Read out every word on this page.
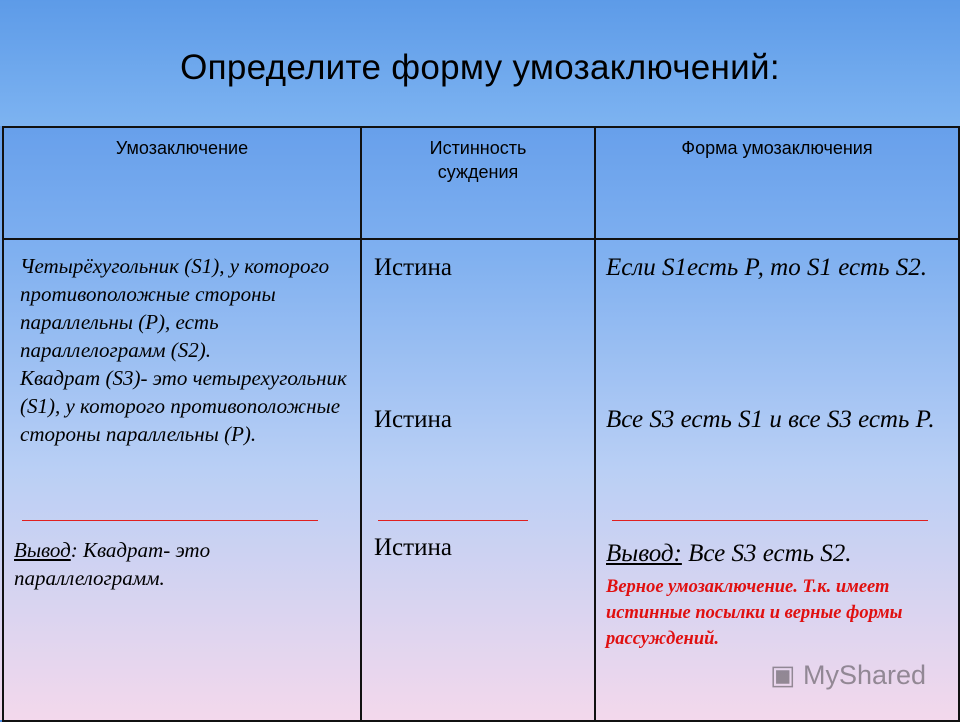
Определите форму умозаключений:
Умозаключение	Истинность суждения
Форма умозаключения

Четырёхугольник (S1), у которого противоположные стороны параллельны (Р), есть параллелограмм (S2).

Квадрат (S3)- это четырехугольник (S1), у которого противоположные стороны параллельны (Р).

Вывод: Квадрат- это параллелограмм.
Истина
Истина
Истина
Если S1есть Р, то S1 есть S2.
Все S3 есть S1 и все S3 есть Р.
Вывод: Все S3 есть S2.
Верное умозаключение. Т.к. имеет истинные посылки и верные формы рассуждений.
▣ MyShared
